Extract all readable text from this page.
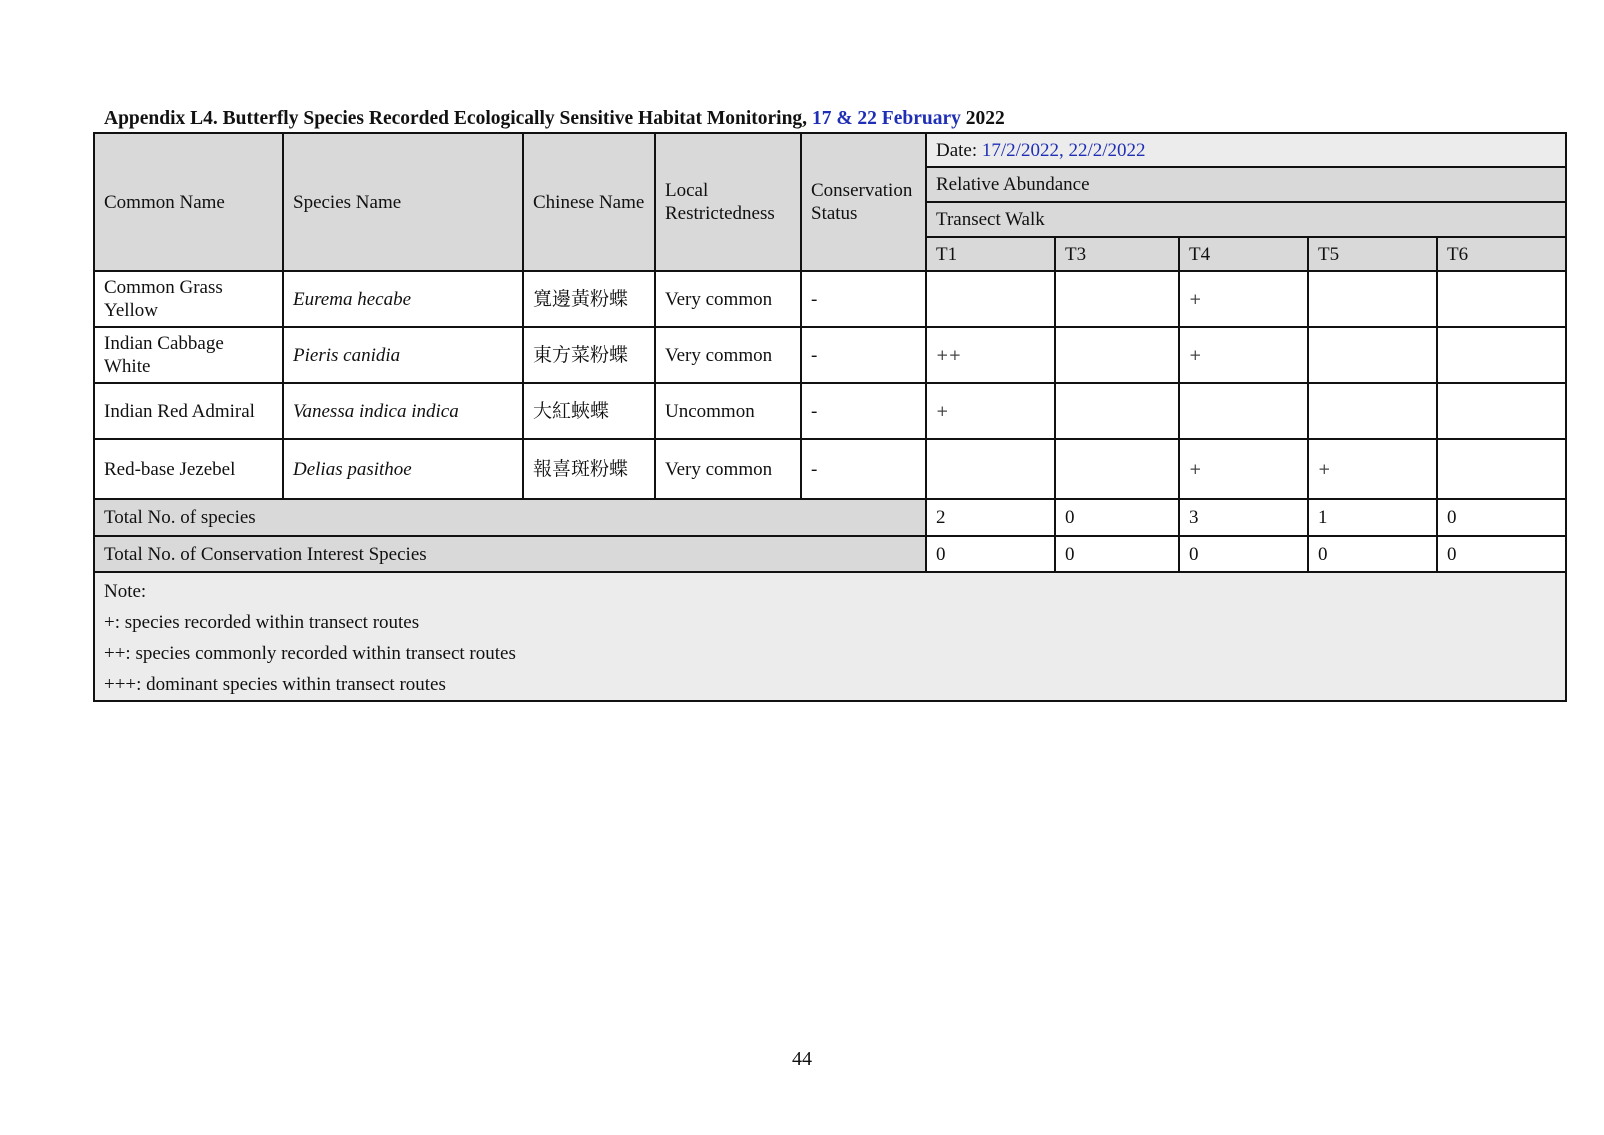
Appendix L4. Butterfly Species Recorded Ecologically Sensitive Habitat Monitoring, 17 & 22 February 2022
Common Name	Species Name	Chinese Name	Local Restrictedness	Conservation Status	Date: 17/2/2022, 22/2/2022				
					Relative Abundance				
					Transect Walk				
					T1	T3	T4	T5	T6
Common Grass Yellow	Eurema hecabe	寬邊黃粉蝶	Very common	-			+		
Indian Cabbage White	Pieris canidia	東方菜粉蝶	Very common	-	++		+		
Indian Red Admiral	Vanessa indica indica	大紅蛺蝶	Uncommon	-	+				
Red-base Jezebel	Delias pasithoe	報喜斑粉蝶	Very common	-			+	+	
Total No. of species					2	0	3	1	0
Total No. of Conservation Interest Species					0	0	0	0	0

Note:
+: species recorded within transect routes
++: species commonly recorded within transect routes
+++: dominant species within transect routes									
44
